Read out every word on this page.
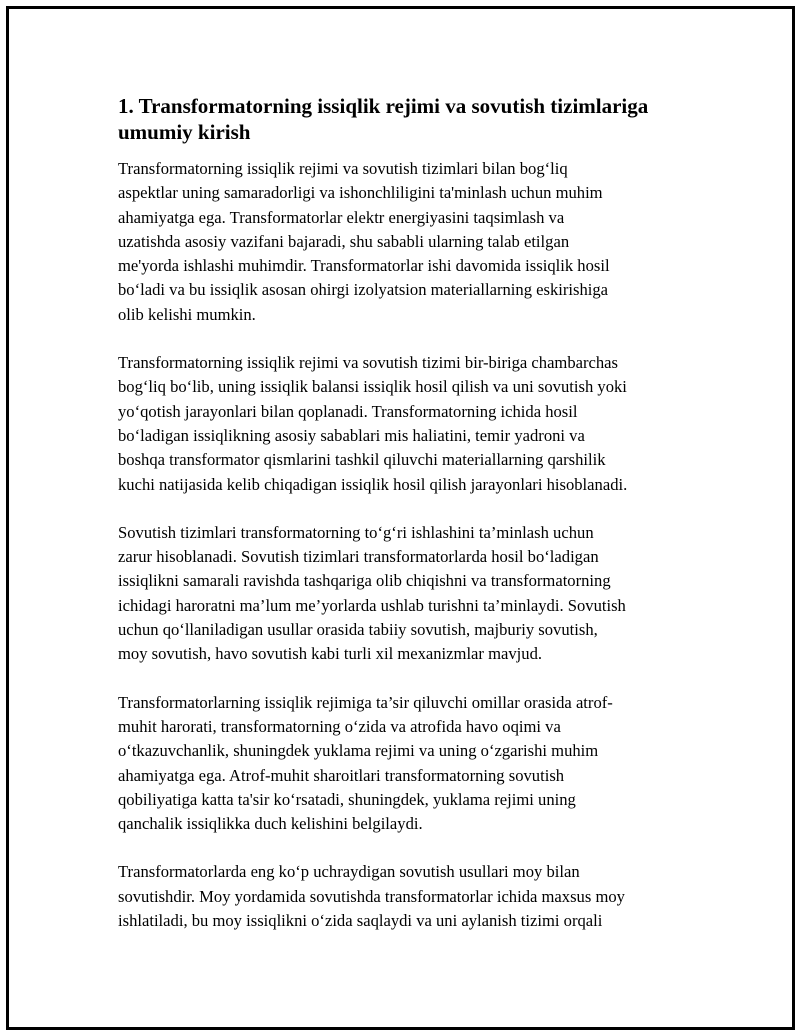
1. Transformatorning issiqlik rejimi va sovutish tizimlariga
umumiy kirish
Transformatorning issiqlik rejimi va sovutish tizimlari bilan bog‘liq
aspektlar uning samaradorligi va ishonchliligini ta'minlash uchun muhim
ahamiyatga ega. Transformatorlar elektr energiyasini taqsimlash va
uzatishda asosiy vazifani bajaradi, shu sababli ularning talab etilgan
me'yorda ishlashi muhimdir. Transformatorlar ishi davomida issiqlik hosil
bo‘ladi va bu issiqlik asosan ohirgi izolyatsion materiallarning eskirishiga
olib kelishi mumkin.
Transformatorning issiqlik rejimi va sovutish tizimi bir-biriga chambarchas
bog‘liq bo‘lib, uning issiqlik balansi issiqlik hosil qilish va uni sovutish yoki
yo‘qotish jarayonlari bilan qoplanadi. Transformatorning ichida hosil
bo‘ladigan issiqlikning asosiy sabablari mis haliatini, temir yadroni va
boshqa transformator qismlarini tashkil qiluvchi materiallarning qarshilik
kuchi natijasida kelib chiqadigan issiqlik hosil qilish jarayonlari hisoblanadi.
Sovutish tizimlari transformatorning to‘g‘ri ishlashini ta’minlash uchun
zarur hisoblanadi. Sovutish tizimlari transformatorlarda hosil bo‘ladigan
issiqlikni samarali ravishda tashqariga olib chiqishni va transformatorning
ichidagi haroratni ma’lum me’yorlarda ushlab turishni ta’minlaydi. Sovutish
uchun qo‘llaniladigan usullar orasida tabiiy sovutish, majburiy sovutish,
moy sovutish, havo sovutish kabi turli xil mexanizmlar mavjud.
Transformatorlarning issiqlik rejimiga ta’sir qiluvchi omillar orasida atrof-
muhit harorati, transformatorning o‘zida va atrofida havo oqimi va
o‘tkazuvchanlik, shuningdek yuklama rejimi va uning o‘zgarishi muhim
ahamiyatga ega. Atrof-muhit sharoitlari transformatorning sovutish
qobiliyatiga katta ta'sir ko‘rsatadi, shuningdek, yuklama rejimi uning
qanchalik issiqlikka duch kelishini belgilaydi.
Transformatorlarda eng ko‘p uchraydigan sovutish usullari moy bilan
sovutishdir. Moy yordamida sovutishda transformatorlar ichida maxsus moy
ishlatiladi, bu moy issiqlikni o‘zida saqlaydi va uni aylanish tizimi orqali
